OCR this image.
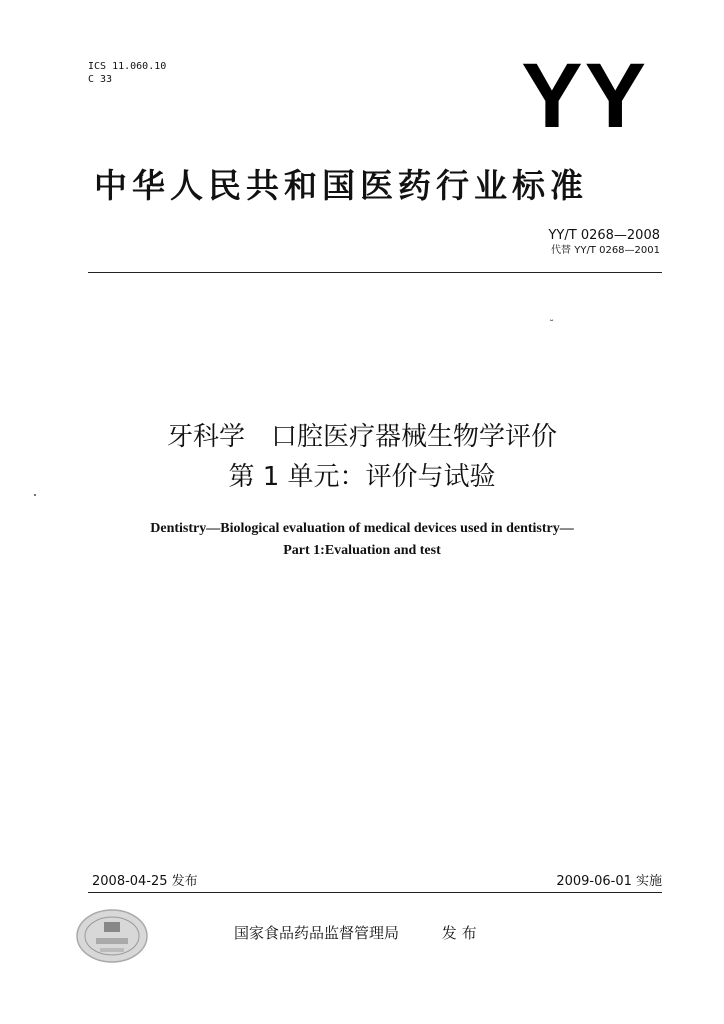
ICS 11.060.10
C 33	YY
中华人民共和国医药行业标准
YY/T 0268—2008
代替 YY/T 0268—2001
˽
牙科学　口腔医疗器械生物学评价
第 1 单元：评价与试验
Dentistry—Biological evaluation of medical devices used in dentistry—
Part 1:Evaluation and test
2008-04-25 发布	2009-06-01 实施
国家食品药品监督管理局	发 布
